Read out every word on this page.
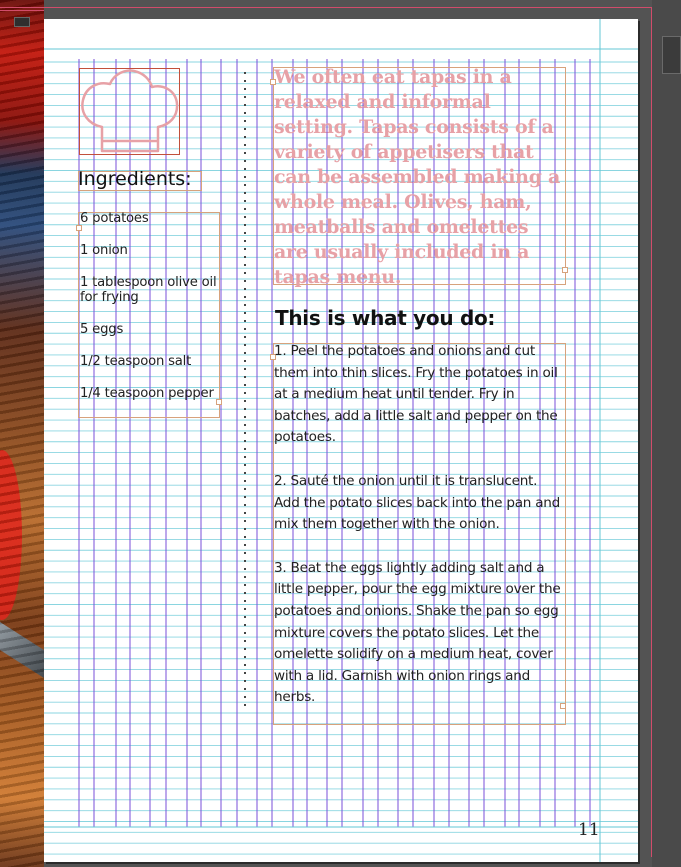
Ingredients:
6 potatoes
1 onion
1 tablespoon olive oil for frying
5 eggs
1/2 teaspoon salt
1/4 teaspoon pepper

We often eat tapas in a relaxed and informal setting. Tapas consists of a variety of appetisers that can be assembled making a whole meal. Olives, ham, meatballs and omelettes are usually included in a tapas menu.

This is what you do:

1. Peel the potatoes and onions and cut them into thin slices. Fry the potatoes in oil at a medium heat until tender. Fry in batches, add a little salt and pepper on the potatoes.

2. Sauté the onion until it is translucent. Add the potato slices back into the pan and mix them together with the onion.

3. Beat the eggs lightly adding salt and a little pepper, pour the egg mixture over the potatoes and onions. Shake the pan so egg mixture covers the potato slices. Let the omelette solidify on a medium heat, cover with a lid. Garnish with onion rings and herbs.

11
